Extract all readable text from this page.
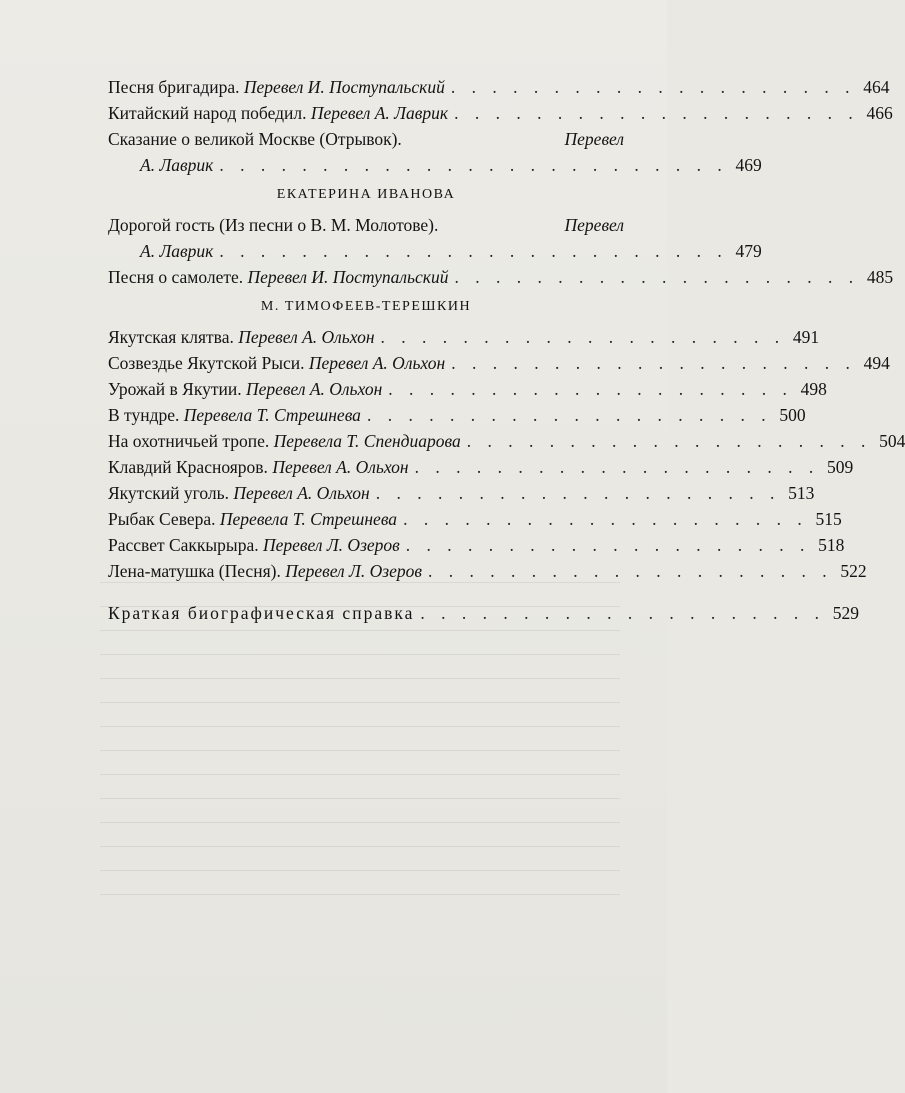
Песня бригадира. Перевел И. Поступальский . . . . . . . . . . . . . . . . . . . . 464
Китайский народ победил. Перевел А. Лаврик . . . . . . . . . . . . . . . . . . . . 466
Сказание о великой Москве (Отрывок).	Перевел
А. Лаврик . . . . . . . . . . . . . . . . . . . . . . . . . 469
ЕКАТЕРИНА ИВАНОВА
Дорогой гость (Из песни о В. М. Молотове).	Перевел
А. Лаврик . . . . . . . . . . . . . . . . . . . . . . . . . 479
Песня о самолете. Перевел И. Поступальский . . . . . . . . . . . . . . . . . . . . 485
М. ТИМОФЕЕВ-ТЕРЕШКИН
Якутская клятва. Перевел А. Ольхон . . . . . . . . . . . . . . . . . . . . 491
Созвездье Якутской Рыси. Перевел А. Ольхон . . . . . . . . . . . . . . . . . . . . 494
Урожай в Якутии. Перевел А. Ольхон . . . . . . . . . . . . . . . . . . . . 498
В тундре. Перевела Т. Стрешнева . . . . . . . . . . . . . . . . . . . . 500
На охотничьей тропе. Перевела Т. Спендиарова . . . . . . . . . . . . . . . . . . . . 504
Клавдий Краснояров. Перевел А. Ольхон . . . . . . . . . . . . . . . . . . . . 509
Якутский уголь. Перевел А. Ольхон . . . . . . . . . . . . . . . . . . . . 513
Рыбак Севера. Перевела Т. Стрешнева . . . . . . . . . . . . . . . . . . . . 515
Рассвет Саккырыра. Перевел Л. Озеров . . . . . . . . . . . . . . . . . . . . 518
Лена-матушка (Песня). Перевел Л. Озеров . . . . . . . . . . . . . . . . . . . . 522
Краткая биографическая справка . . . . . . . . . . . . . . . . . . . . 529
